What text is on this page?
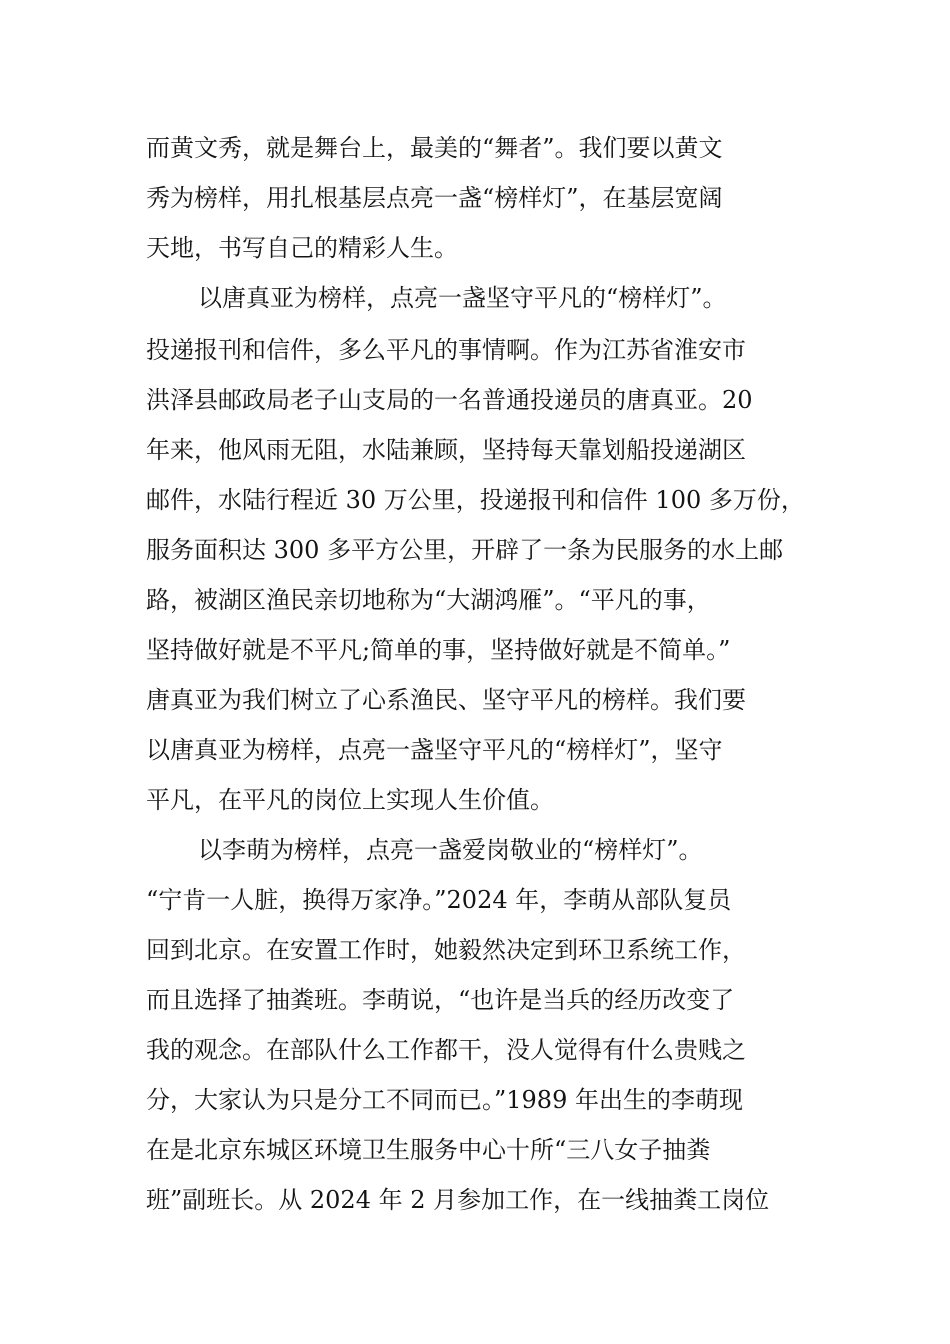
而黄文秀，就是舞台上，最美的“舞者”。我们要以黄文
秀为榜样，用扎根基层点亮一盏“榜样灯”，在基层宽阔
天地，书写自己的精彩人生。
以唐真亚为榜样，点亮一盏坚守平凡的“榜样灯”。
投递报刊和信件，多么平凡的事情啊。作为江苏省淮安市
洪泽县邮政局老子山支局的一名普通投递员的唐真亚。20
年来，他风雨无阻，水陆兼顾，坚持每天靠划船投递湖区
邮件，水陆行程近 30 万公里，投递报刊和信件 100 多万份，
服务面积达 300 多平方公里，开辟了一条为民服务的水上邮
路，被湖区渔民亲切地称为“大湖鸿雁”。“平凡的事，
坚持做好就是不平凡;简单的事，坚持做好就是不简单。”
唐真亚为我们树立了心系渔民、坚守平凡的榜样。我们要
以唐真亚为榜样，点亮一盏坚守平凡的“榜样灯”，坚守
平凡，在平凡的岗位上实现人生价值。
以李萌为榜样，点亮一盏爱岗敬业的“榜样灯”。
“宁肯一人脏，换得万家净。”2024 年，李萌从部队复员
回到北京。在安置工作时，她毅然决定到环卫系统工作，
而且选择了抽粪班。李萌说，“也许是当兵的经历改变了
我的观念。在部队什么工作都干，没人觉得有什么贵贱之
分，大家认为只是分工不同而已。”1989 年出生的李萌现
在是北京东城区环境卫生服务中心十所“三八女子抽粪
班”副班长。从 2024 年 2 月参加工作，在一线抽粪工岗位
